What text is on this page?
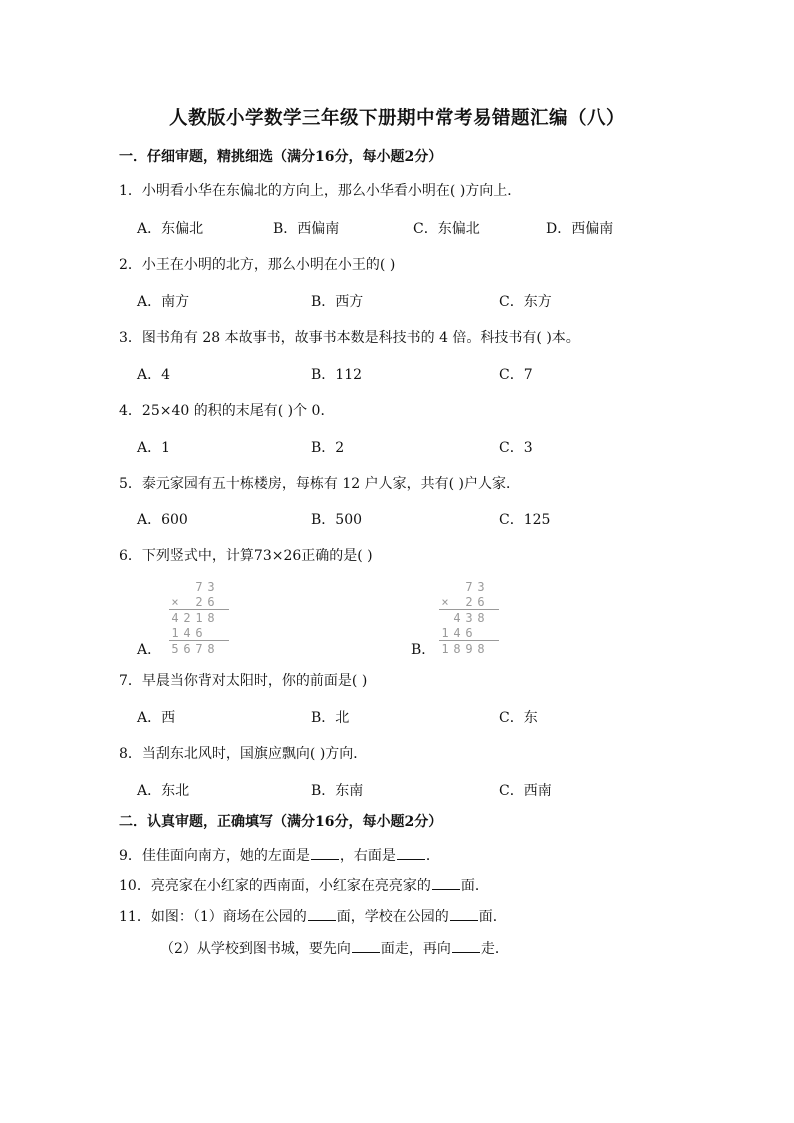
人教版小学数学三年级下册期中常考易错题汇编（八）
一．仔细审题，精挑细选（满分16分，每小题2分）
1．小明看小华在东偏北的方向上，那么小华看小明在( )方向上．
A．东偏北	B．西偏南	C．东偏北	D．西偏南
2．小王在小明的北方，那么小明在小王的( )
A．南方	B．西方	C．东方
3．图书角有 28 本故事书，故事书本数是科技书的 4 倍。科技书有( )本。
A．4	B．112	C．7
4．25×40 的积的末尾有( )个 0．
A．1	B．2	C．3
5．泰元家园有五十栋楼房，每栋有 12 户人家，共有( )户人家．
A．600	B．500	C．125
6．下列竖式中，计算73×26正确的是( )
7 3
× 2 6
4 2 1 8
1 4 6
5 6 7 8
A．
7 3
× 2 6
4 3 8
1 4 6
1 8 9 8
B．
7．早晨当你背对太阳时，你的前面是( )
A．西	B．北	C．东
8．当刮东北风时，国旗应飘向( )方向．
A．东北	B．东南	C．西南
二．认真审题，正确填写（满分16分，每小题2分）
9．佳佳面向南方，她的左面是 ，右面是 ．
10．亮亮家在小红家的西南面，小红家在亮亮家的 面．
11．如图：（1）商场在公园的 面，学校在公园的 面．
（2）从学校到图书城，要先向 面走，再向 走．
